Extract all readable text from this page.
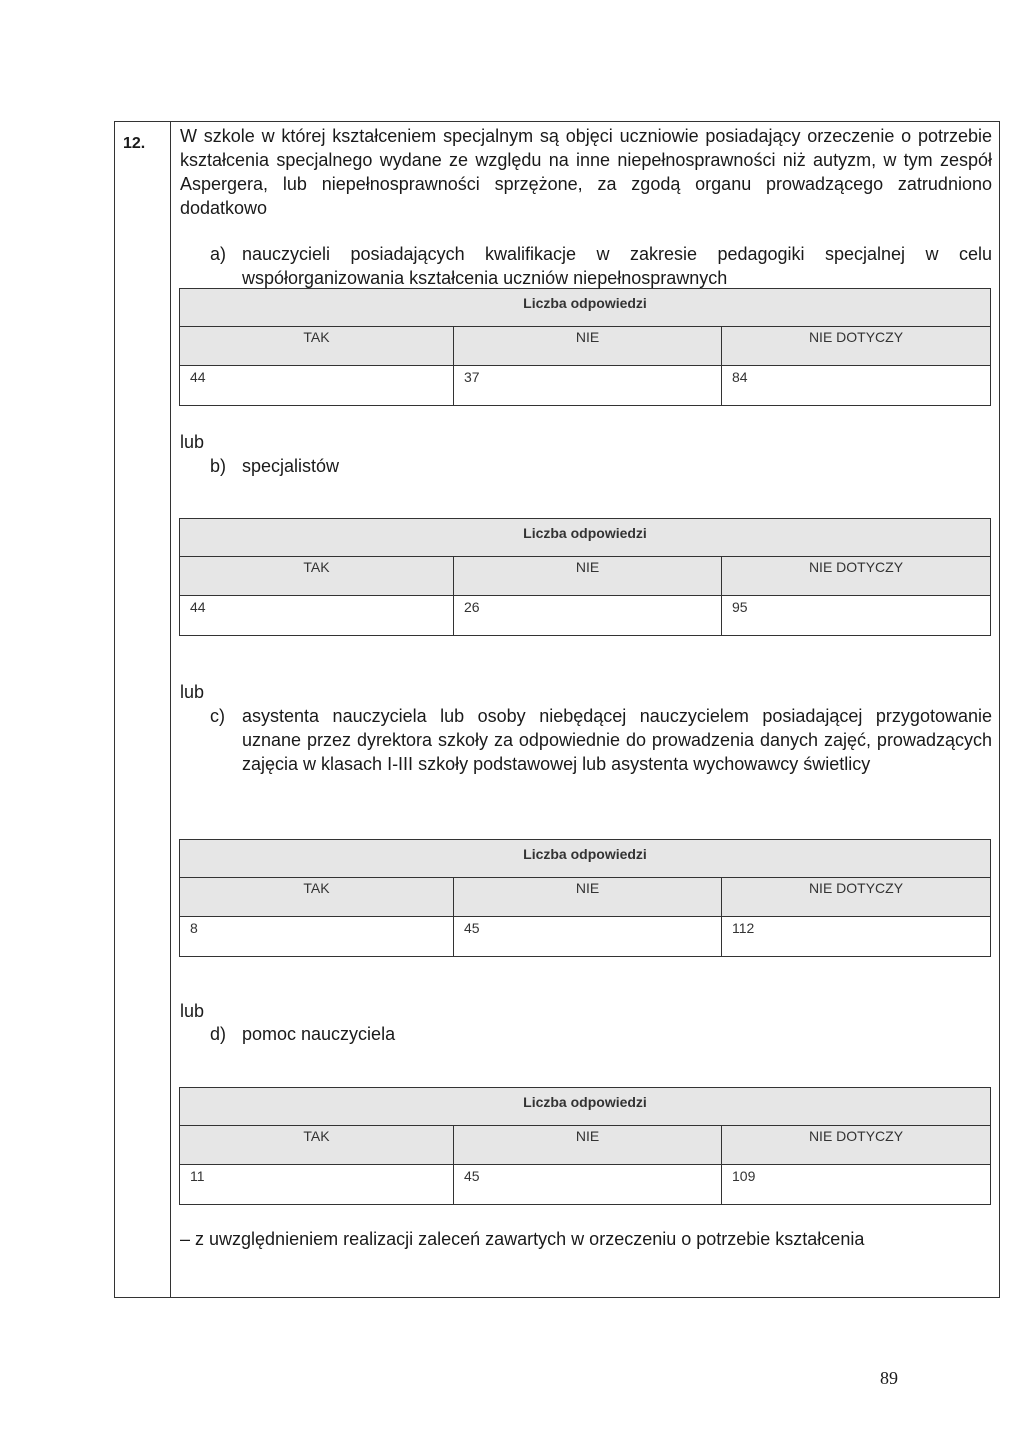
12. W szkole w której kształceniem specjalnym są objęci uczniowie posiadający orzeczenie o potrzebie kształcenia specjalnego wydane ze względu na inne niepełnosprawności niż autyzm, w tym zespół Aspergera, lub niepełnosprawności sprzężone, za zgodą organu prowadzącego zatrudniono dodatkowo

a) nauczycieli posiadających kwalifikacje w zakresie pedagogiki specjalnej w celu współorganizowania kształcenia uczniów niepełnosprawnych
Liczba odpowiedzi
TAK	NIE	NIE DOTYCZY
44	37	84
lub
b) specjalistów
Liczba odpowiedzi
TAK	NIE	NIE DOTYCZY
44	26	95
lub
c) asystenta nauczyciela lub osoby niebędącej nauczycielem posiadającej przygotowanie uznane przez dyrektora szkoły za odpowiednie do prowadzenia danych zajęć, prowadzących zajęcia w klasach I-III szkoły podstawowej lub asystenta wychowawcy świetlicy
Liczba odpowiedzi
TAK	NIE	NIE DOTYCZY
8	45	112
lub
d) pomoc nauczyciela
Liczba odpowiedzi
TAK	NIE	NIE DOTYCZY
11	45	109
– z uwzględnieniem realizacji zaleceń zawartych w orzeczeniu o potrzebie kształcenia
89
